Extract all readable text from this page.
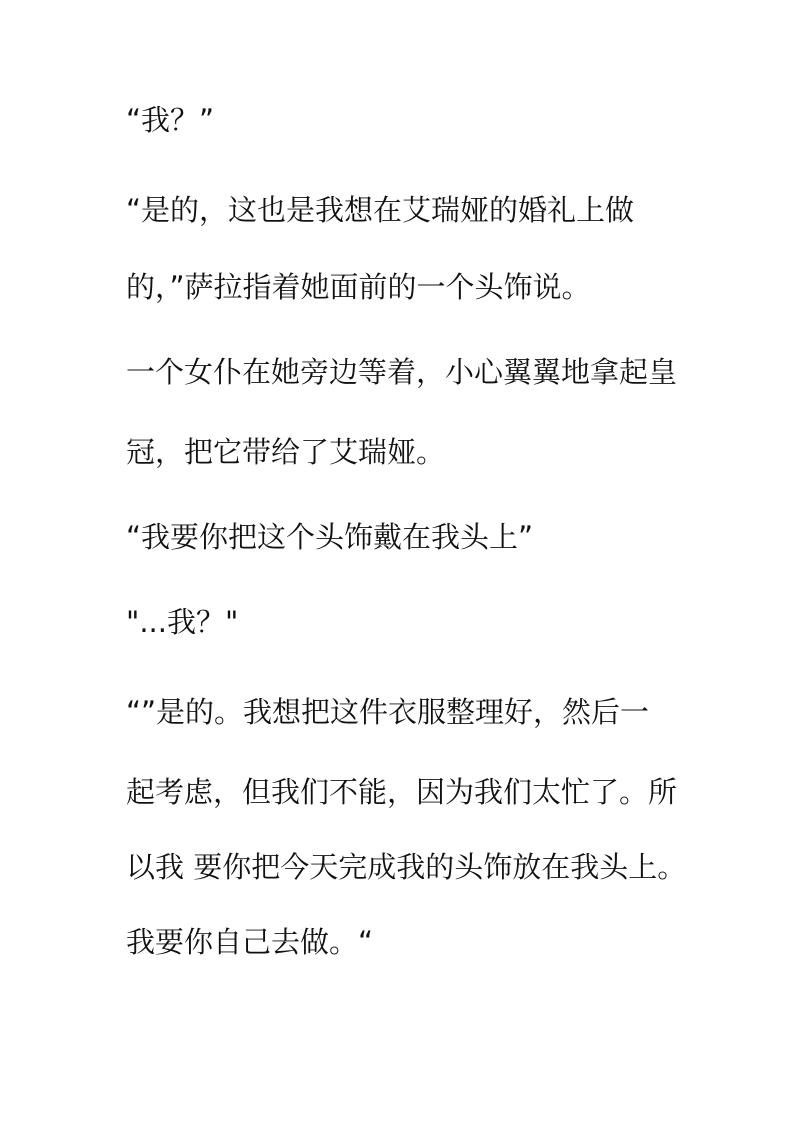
“我？”

“是的，这也是我想在艾瑞娅的婚礼上做

的，”萨拉指着她面前的一个头饰说。

一个女仆在她旁边等着，小心翼翼地拿起皇

冠，把它带给了艾瑞娅。

“我要你把这个头饰戴在我头上”

"...我？"

“”是的。我想把这件衣服整理好，然后一

起考虑，但我们不能，因为我们太忙了。所

以我 要你把今天完成我的头饰放在我头上。

我要你自己去做。“
